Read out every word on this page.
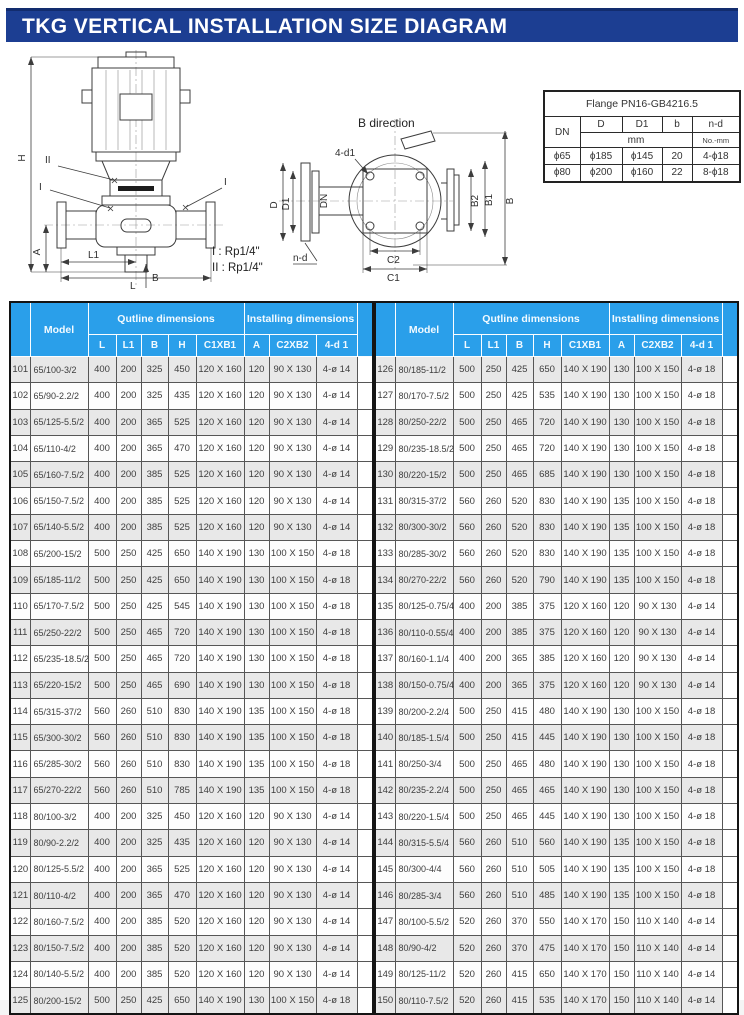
TKG VERTICAL INSTALLATION SIZE DIAGRAM
H
A	L1
L
B
II
I	I
B direction
D D1	DN
4-d1
n-d	C2
C1
B2 B1 B
I : Rp1/4"
II : Rp1/4"
Flange PN16-GB4216.5				
DN	D	D1	b	n-d
	mm			No.-mm
ϕ65	ϕ185	ϕ145	20	4-ϕ18
ϕ80	ϕ200	ϕ160	22	8-ϕ18
	Model	Qutline dimensions					Installing dimensions			
		L	L1	B	H	C1XB1	A	C2XB2	4-d 1	
101	65/100-3/2	400	200	325	450	120 X 160	120	90 X 130	4-ø 14	
102	65/90-2.2/2	400	200	325	435	120 X 160	120	90 X 130	4-ø 14	
103	65/125-5.5/2	400	200	365	525	120 X 160	120	90 X 130	4-ø 14	
104	65/110-4/2	400	200	365	470	120 X 160	120	90 X 130	4-ø 14	
105	65/160-7.5/2	400	200	385	525	120 X 160	120	90 X 130	4-ø 14	
106	65/150-7.5/2	400	200	385	525	120 X 160	120	90 X 130	4-ø 14	
107	65/140-5.5/2	400	200	385	525	120 X 160	120	90 X 130	4-ø 14	
108	65/200-15/2	500	250	425	650	140 X 190	130	100 X 150	4-ø 18	
109	65/185-11/2	500	250	425	650	140 X 190	130	100 X 150	4-ø 18	
110	65/170-7.5/2	500	250	425	545	140 X 190	130	100 X 150	4-ø 18	
111	65/250-22/2	500	250	465	720	140 X 190	130	100 X 150	4-ø 18	
112	65/235-18.5/2	500	250	465	720	140 X 190	130	100 X 150	4-ø 18	
113	65/220-15/2	500	250	465	690	140 X 190	130	100 X 150	4-ø 18	
114	65/315-37/2	560	260	510	830	140 X 190	135	100 X 150	4-ø 18	
115	65/300-30/2	560	260	510	830	140 X 190	135	100 X 150	4-ø 18	
116	65/285-30/2	560	260	510	830	140 X 190	135	100 X 150	4-ø 18	
117	65/270-22/2	560	260	510	785	140 X 190	135	100 X 150	4-ø 18	
118	80/100-3/2	400	200	325	450	120 X 160	120	90 X 130	4-ø 14	
119	80/90-2.2/2	400	200	325	435	120 X 160	120	90 X 130	4-ø 14	
120	80/125-5.5/2	400	200	365	525	120 X 160	120	90 X 130	4-ø 14	
121	80/110-4/2	400	200	365	470	120 X 160	120	90 X 130	4-ø 14	
122	80/160-7.5/2	400	200	385	520	120 X 160	120	90 X 130	4-ø 14	
123	80/150-7.5/2	400	200	385	520	120 X 160	120	90 X 130	4-ø 14	
124	80/140-5.5/2	400	200	385	520	120 X 160	120	90 X 130	4-ø 14	
125	80/200-15/2	500	250	425	650	140 X 190	130	100 X 150	4-ø 18	
	Model	Qutline dimensions					Installing dimensions			
		L	L1	B	H	C1XB1	A	C2XB2	4-d 1	
126	80/185-11/2	500	250	425	650	140 X 190	130	100 X 150	4-ø 18	
127	80/170-7.5/2	500	250	425	535	140 X 190	130	100 X 150	4-ø 18	
128	80/250-22/2	500	250	465	720	140 X 190	130	100 X 150	4-ø 18	
129	80/235-18.5/2	500	250	465	720	140 X 190	130	100 X 150	4-ø 18	
130	80/220-15/2	500	250	465	685	140 X 190	130	100 X 150	4-ø 18	
131	80/315-37/2	560	260	520	830	140 X 190	135	100 X 150	4-ø 18	
132	80/300-30/2	560	260	520	830	140 X 190	135	100 X 150	4-ø 18	
133	80/285-30/2	560	260	520	830	140 X 190	135	100 X 150	4-ø 18	
134	80/270-22/2	560	260	520	790	140 X 190	135	100 X 150	4-ø 18	
135	80/125-0.75/4	400	200	385	375	120 X 160	120	90 X 130	4-ø 14	
136	80/110-0.55/4	400	200	385	375	120 X 160	120	90 X 130	4-ø 14	
137	80/160-1.1/4	400	200	365	385	120 X 160	120	90 X 130	4-ø 14	
138	80/150-0.75/4	400	200	365	375	120 X 160	120	90 X 130	4-ø 14	
139	80/200-2.2/4	500	250	415	480	140 X 190	130	100 X 150	4-ø 18	
140	80/185-1.5/4	500	250	415	445	140 X 190	130	100 X 150	4-ø 18	
141	80/250-3/4	500	250	465	480	140 X 190	130	100 X 150	4-ø 18	
142	80/235-2.2/4	500	250	465	465	140 X 190	130	100 X 150	4-ø 18	
143	80/220-1.5/4	500	250	465	445	140 X 190	130	100 X 150	4-ø 18	
144	80/315-5.5/4	560	260	510	560	140 X 190	135	100 X 150	4-ø 18	
145	80/300-4/4	560	260	510	505	140 X 190	135	100 X 150	4-ø 18	
146	80/285-3/4	560	260	510	485	140 X 190	135	100 X 150	4-ø 18	
147	80/100-5.5/2	520	260	370	550	140 X 170	150	110 X 140	4-ø 14	
148	80/90-4/2	520	260	370	475	140 X 170	150	110 X 140	4-ø 14	
149	80/125-11/2	520	260	415	650	140 X 170	150	110 X 140	4-ø 14	
150	80/110-7.5/2	520	260	415	535	140 X 170	150	110 X 140	4-ø 14	
